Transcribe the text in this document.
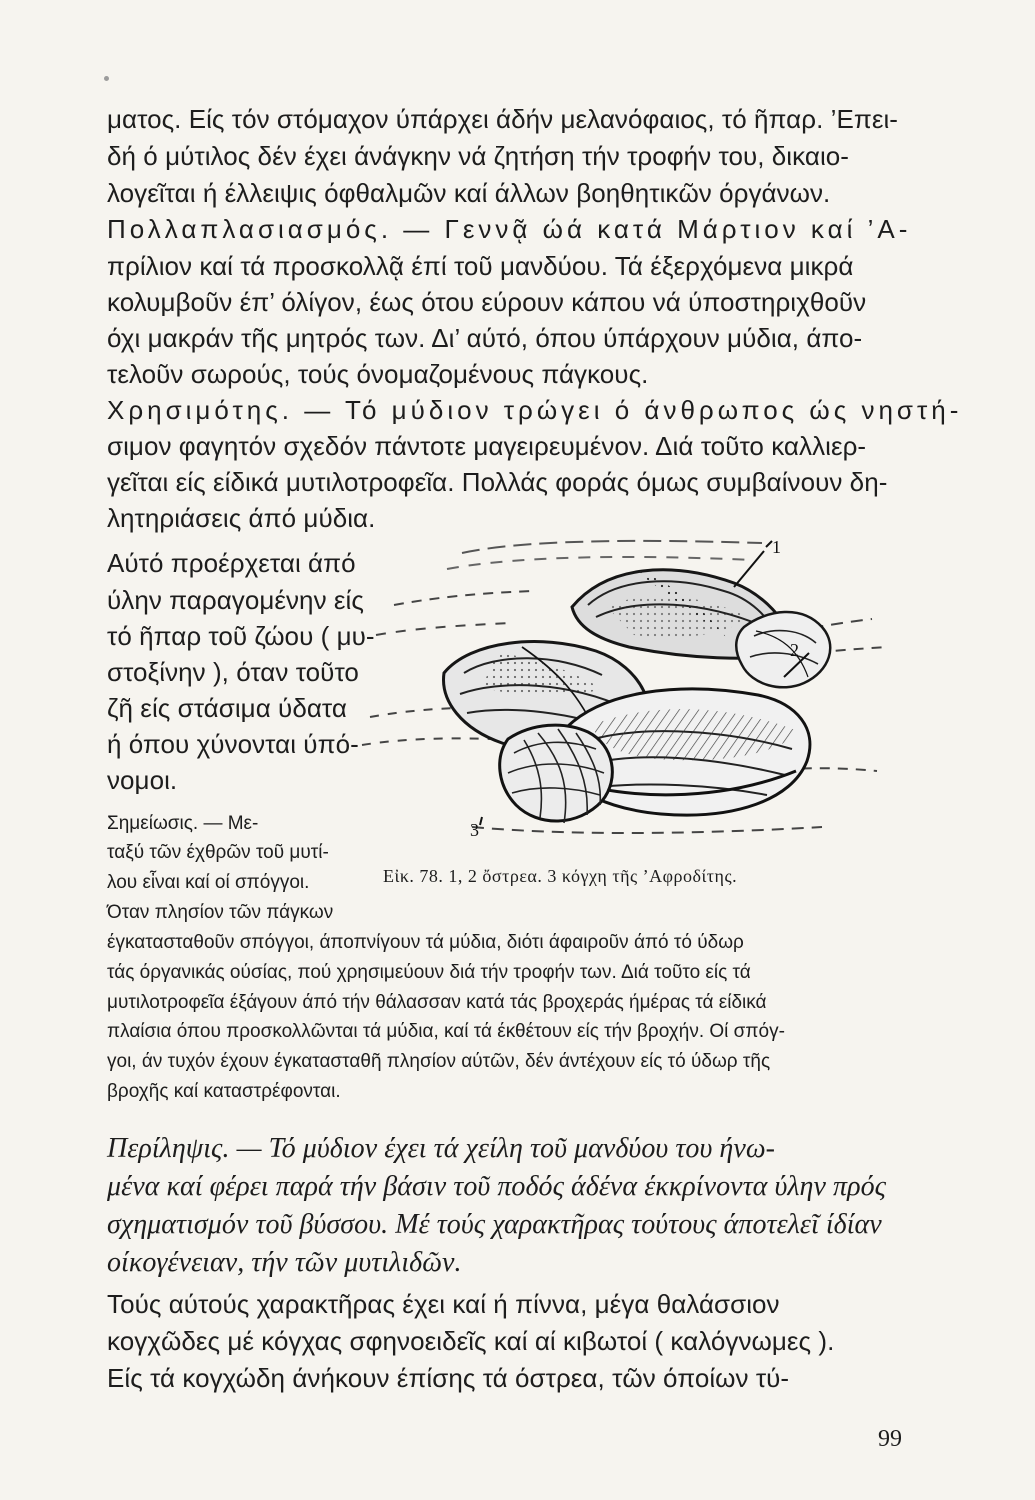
ματος. Είς τόν στόμαχον ύπάρχει άδήν μελανόφαιος, τό ῆπαρ. ’Επει-

δή ό μύτιλος δέν έχει άνάγκην νά ζητήση τήν τροφήν του, δικαιο-

λογεῖται ή έλλειψις όφθαλμῶν καί άλλων βοηθητικῶν όργάνων.

Πολλαπλασιασμός. — Γεννᾷ ώά κατά Μάρτιον καί ’Α-

πρίλιον καί τά προσκολλᾷ έπί τοῦ μανδύου. Τά έξερχόμενα μικρά

κολυμβοῦν έπ’ όλίγον, έως ότου εύρουν κάπου νά ύποστηριχθοῦν

όχι μακράν τῆς μητρός των. Δι’ αύτό, όπου ύπάρχουν μύδια, άπο-

τελοῦν σωρούς, τούς όνομαζομένους πάγκους.

Χρησιμότης. — Τό μύδιον τρώγει ό άνθρωπος ώς νηστή-

σιμον φαγητόν σχεδόν πάντοτε μαγειρευμένον. Διά τοῦτο καλλιερ-

γεῖται είς είδικά μυτιλοτροφεῖα. Πολλάς φοράς όμως συμβαίνουν δη-

λητηριάσεις άπό μύδια.

Αύτό προέρχεται άπό

ύλην παραγομένην είς

τό ῆπαρ τοῦ ζώου ( μυ-

στοξίνην ), όταν τοῦτο

ζῆ είς στάσιμα ύδατα

ή όπου χύνονται ύπό-

νομοι.

1
2
3
Εἰκ. 78. 1, 2 ὄστρεα. 3 κόγχη τῆς ’Αφροδίτης.

Σημείωσις. — Με-

ταξύ τῶν έχθρῶν τοῦ μυτί-

λου εἶναι καί οί σπόγγοι.

Όταν πλησίον τῶν πάγκων

έγκατασταθοῦν σπόγγοι, άποπνίγουν τά μύδια, διότι άφαιροῦν άπό τό ύδωρ

τάς όργανικάς ούσίας, πού χρησιμεύουν διά τήν τροφήν των. Διά τοῦτο είς τά

μυτιλοτροφεῖα έξάγουν άπό τήν θάλασσαν κατά τάς βροχεράς ήμέρας τά είδικά

πλαίσια όπου προσκολλῶνται τά μύδια, καί τά έκθέτουν είς τήν βροχήν. Οί σπόγ-

γοι, άν τυχόν έχουν έγκατασταθῆ πλησίον αύτῶν, δέν άντέχουν είς τό ύδωρ τῆς

βροχῆς καί καταστρέφονται.

Περίληψις. — Τό μύδιον έχει τά χείλη τοῦ μανδύου του ήνω-

μένα καί φέρει παρά τήν βάσιν τοῦ ποδός άδένα έκκρίνοντα ύλην πρός

σχηματισμόν τοῦ βύσσου. Μέ τούς χαρακτῆρας τούτους άποτελεῖ ίδίαν

οίκογένειαν, τήν τῶν μυτιλιδῶν.

Τούς αύτούς χαρακτῆρας έχει καί ή πίννα, μέγα θαλάσσιον

κογχῶδες μέ κόγχας σφηνοειδεῖς καί αί κιβωτοί ( καλόγνωμες ).

Είς τά κογχώδη άνήκουν έπίσης τά όστρεα, τῶν όποίων τύ-

99
